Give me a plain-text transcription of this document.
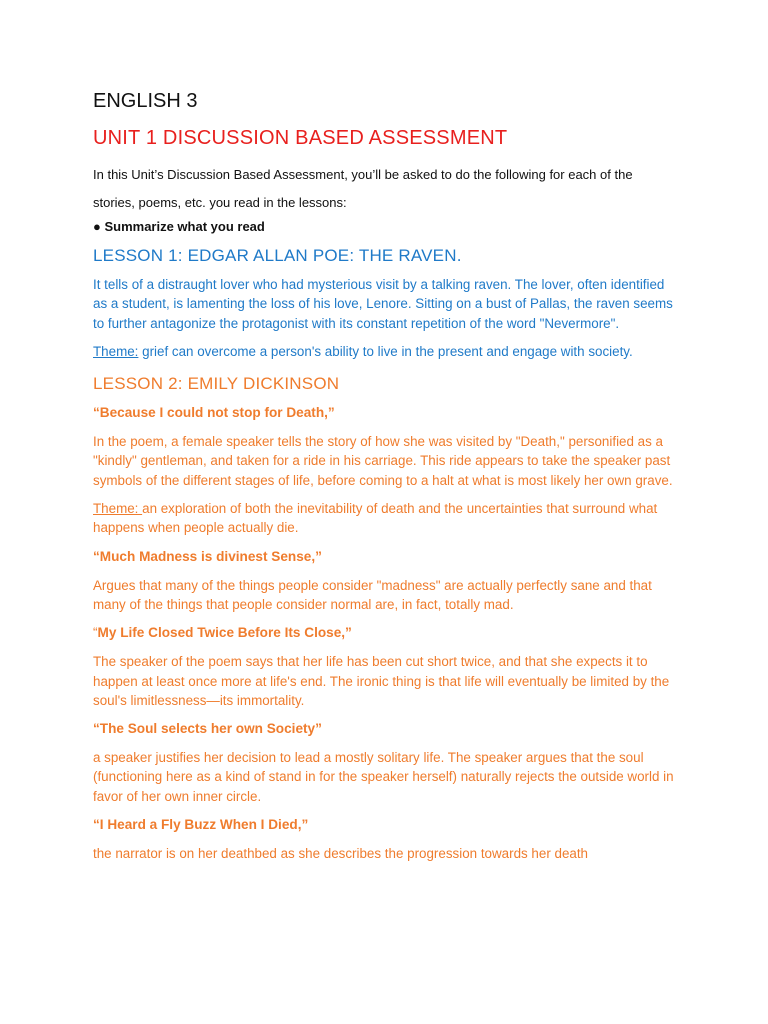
ENGLISH 3
UNIT 1 DISCUSSION BASED ASSESSMENT

In this Unit’s Discussion Based Assessment, you’ll be asked to do the following for each of the

stories, poems, etc. you read in the lessons:

● Summarize what you read

LESSON 1: EDGAR ALLAN POE: THE RAVEN.

It tells of a distraught lover who had mysterious visit by a talking raven. The lover, often identified as a student, is lamenting the loss of his love, Lenore. Sitting on a bust of Pallas, the raven seems to further antagonize the protagonist with its constant repetition of the word "Nevermore".

Theme: grief can overcome a person's ability to live in the present and engage with society.

LESSON 2: EMILY DICKINSON
“Because I could not stop for Death,”

In the poem, a female speaker tells the story of how she was visited by "Death," personified as a "kindly" gentleman, and taken for a ride in his carriage. This ride appears to take the speaker past symbols of the different stages of life, before coming to a halt at what is most likely her own grave.

Theme: an exploration of both the inevitability of death and the uncertainties that surround what happens when people actually die.

“Much Madness is divinest Sense,”

Argues that many of the things people consider "madness" are actually perfectly sane and that many of the things that people consider normal are, in fact, totally mad.

“My Life Closed Twice Before Its Close,”

The speaker of the poem says that her life has been cut short twice, and that she expects it to happen at least once more at life's end. The ironic thing is that life will eventually be limited by the soul's limitlessness—its immortality.

“The Soul selects her own Society”

a speaker justifies her decision to lead a mostly solitary life. The speaker argues that the soul (functioning here as a kind of stand in for the speaker herself) naturally rejects the outside world in favor of her own inner circle.

“I Heard a Fly Buzz When I Died,”

the narrator is on her deathbed as she describes the progression towards her death
